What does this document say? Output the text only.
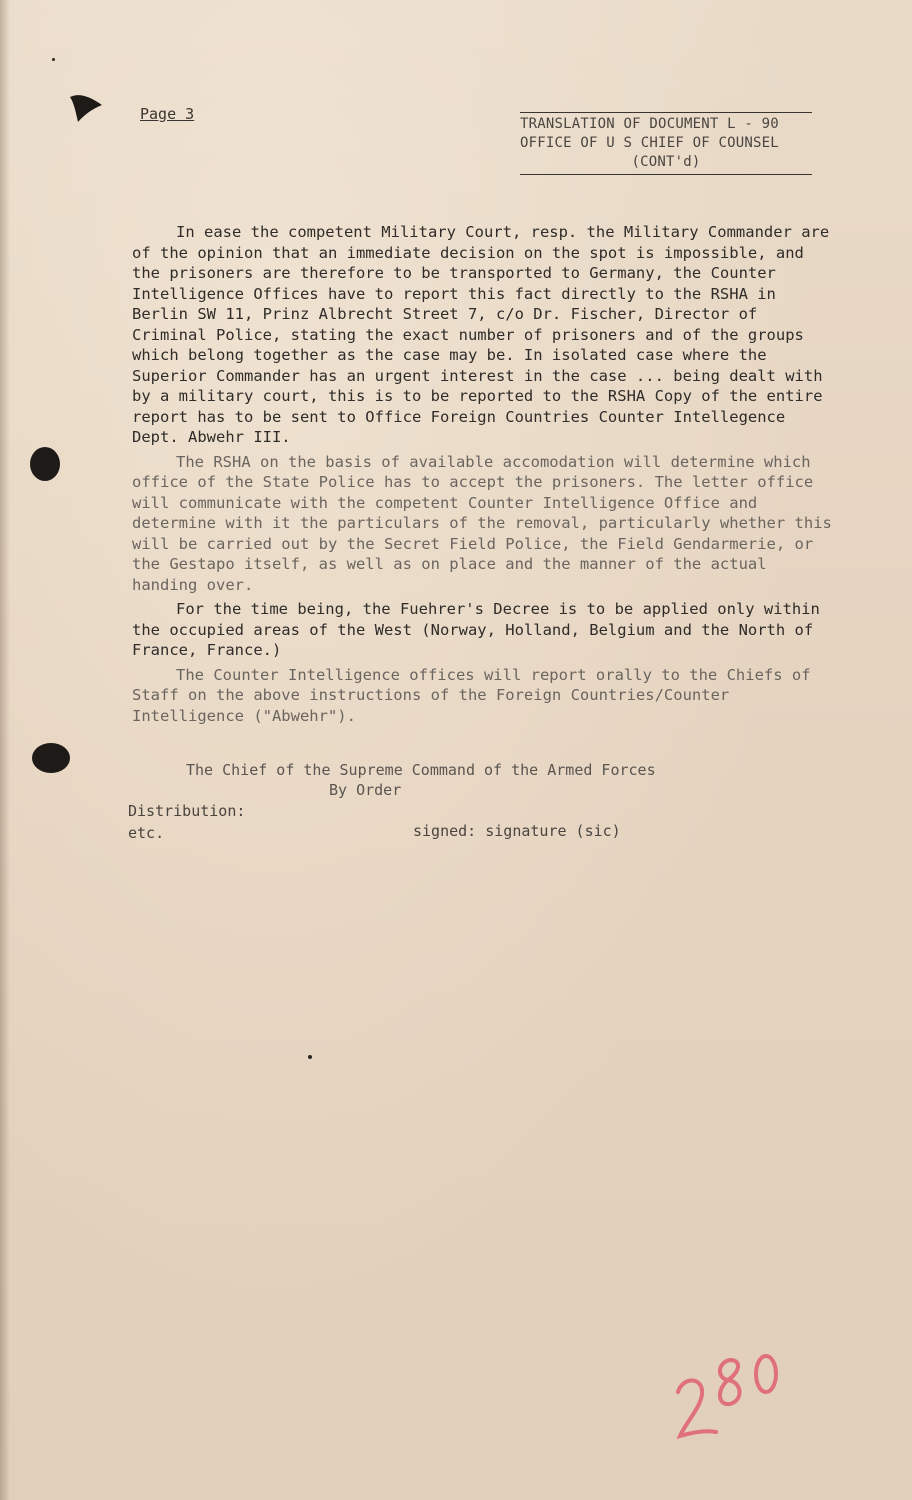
Page 3
TRANSLATION OF DOCUMENT L - 90
OFFICE OF U S CHIEF OF COUNSEL
(CONT'd)

In ease the competent Military Court, resp. the Military Commander are of the opinion that an immediate decision on the spot is impossible, and the prisoners are therefore to be transported to Germany, the Counter Intelligence Offices have to report this fact directly to the RSHA in Berlin SW 11, Prinz Albrecht Street 7, c/o Dr. Fischer, Director of Criminal Police, stating the exact number of prisoners and of the groups which belong together as the case may be. In isolated case where the Superior Commander has an urgent interest in the case ... being dealt with by a military court, this is to be reported to the RSHA Copy of the entire report has to be sent to Office Foreign Countries Counter Intellegence Dept. Abwehr III.

The RSHA on the basis of available accomodation will determine which office of the State Police has to accept the prisoners. The letter office will communicate with the competent Counter Intelligence Office and determine with it the particulars of the removal, particularly whether this will be carried out by the Secret Field Police, the Field Gendarmerie, or the Gestapo itself, as well as on place and the manner of the actual handing over.

For the time being, the Fuehrer's Decree is to be applied only within the occupied areas of the West (Norway, Holland, Belgium and the North of France, France.)

The Counter Intelligence offices will report orally to the Chiefs of Staff on the above instructions of the Foreign Countries/Counter Intelligence ("Abwehr").

The Chief of the Supreme Command of the Armed Forces
By Order
Distribution:
etc.	signed: signature (sic)
